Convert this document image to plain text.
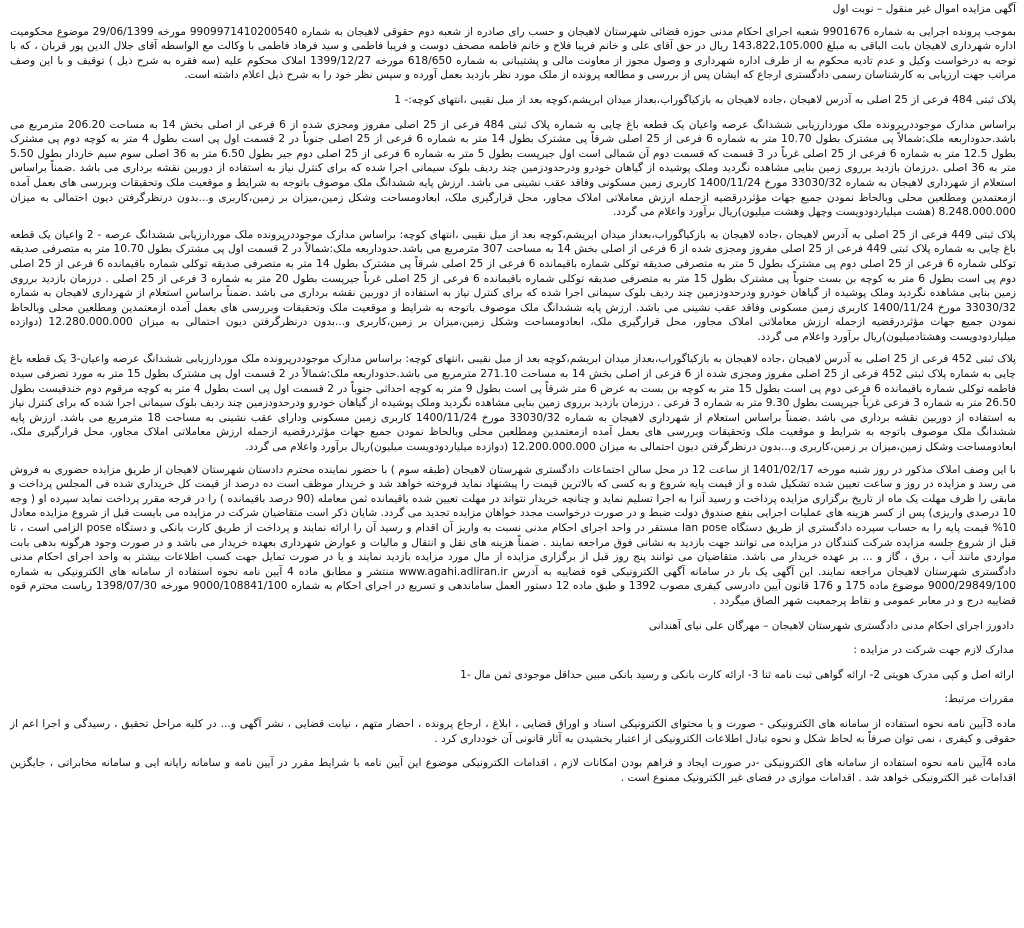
آگهی مزایده اموال غیر منقول – نوبت اول

بموجب پرونده اجرایی به شماره 9901676 شعبه اجرای احکام مدنی حوزه قضائی شهرستان لاهیجان و حسب رای صادره از شعبه دوم حقوقی لاهیجان به شماره 9909971410200540 مورخه 29/06/1399 موضوع محکومیت اداره شهرداری لاهیجان بابت الباقی به مبلغ 143،822،105،000 ریال در حق آقای علی و خانم فریبا فلاح و خانم فاطمه مصحف دوست و فریبا فاطمی و سید فرهاد فاطمی با وکالت مع الواسطه آقای جلال الدین پور قربان ، که با توجه به درخواست وکیل و عدم تادیه محکوم به از طرف اداره شهرداری و وصول مجوز از معاونت مالی و پشتیبانی به شماره 618/650 مورخه 1399/12/27 املاک محکوم علیه (سه فقره به شرح ذیل ) توقیف و با این وصف مراتب جهت ارزیابی به کارشناسان رسمی دادگستری ارجاع که ایشان پس از بررسی و مطالعه پرونده از ملک مورد نظر بازدید بعمل آورده و سپس نظر خود را به شرح ذیل اعلام داشته است.

پلاک ثبتی 484 فرعی از 25 اصلی به آدرس لاهیجان ،جاده لاهیجان به بازکیاگوراب،بعداز میدان ابریشم،کوچه بعد از مبل نقیبی ،انتهای کوچه:- 1

براساس مدارک موجوددرپرونده ملک موردارزیابی ششدانگ عرصه واعیان یک قطعه باغ چایی به شماره پلاک ثبتی 484 فرعی از 25 اصلی مفروز ومجزی شده از 6 فرعی از اصلی بخش 14 به مساحت 206.20 مترمربع می باشد.حدوداربعه ملک:شمالاً پی مشترک بطول 10.70 متر به شماره 6 فرعی از 25 اصلی شرقاً پی مشترک بطول 14 متر به شماره 6 فرعی از 25 اصلی جنوباً در 2 قسمت اول پی است بطول 4 متر به کوچه دوم پی مشترک بطول 12.5 متر به شماره 6 فرعی از 25 اصلی غرباً در 3 قسمت که قسمت دوم آن شمالی است اول جیرپست بطول 5 متر به شماره 6 فرعی از 25 اصلی دوم جیر بطول 6.50 متر به 36 اصلی سوم سیم خاردار بطول 5.50 متر به 36 اصلی .درزمان بازدید برروی زمین بنایی مشاهده نگردید وملک پوشیده از گیاهان خودرو ودرحدودزمین چند ردیف بلوک سیمانی اجرا شده که برای کنترل نیاز به استفاده از دوربین نقشه برداری می باشد .ضمناً براساس استعلام از شهرداری لاهیجان به شماره 33030/32 مورخ 1400/11/24 کاربری زمین مسکونی وفاقد عقب نشینی می باشد. ارزش پایه ششدانگ ملک موصوف باتوجه به شرایط و موقعیت ملک وتحقیقات وبررسی های بعمل آمده ازمعتمدین ومطلعین محلی وبالحاظ نمودن جمیع جهات مؤثردرقضیه ازجمله ارزش معاملاتی املاک مجاور، محل قرارگیری ملک، ابعادومساحت وشکل زمین،میزان بر زمین،کاربری و...بدون درنظرگرفتن دیون احتمالی به میزان 8.248.000.000 (هشت میلیاردودویست وچهل وهشت میلیون)ریال برآورد واعلام می گردد.

پلاک ثبتی 449 فرعی از 25 اصلی به آدرس لاهیجان ،جاده لاهیجان به بازکیاگوراب،بعداز میدان ابریشم،کوچه بعد از مبل نقیبی ،انتهای کوچه: براساس مدارک موجوددرپرونده ملک موردارزیابی ششدانگ عرصه - 2 واعیان یک قطعه باغ چایی به شماره پلاک ثبتی 449 فرعی از 25 اصلی مفروز ومجزی شده از 6 فرعی از اصلی بخش 14 به مساحت 307 مترمربع می باشد.حدوداربعه ملک:شمالاً در 2 قسمت اول پی مشترک بطول 10.70 متر به متصرفی صدیقه توکلی شماره 6 فرعی از 25 اصلی دوم پی مشترک بطول 5 متر به متصرفی صدیقه توکلی شماره باقیمانده 6 فرعی از 25 اصلی شرقاً پی مشترک بطول 14 متر به متصرفی صدیقه توکلی شماره باقیمانده 6 فرعی از 25 اصلی دوم پی است بطول 6 متر به کوچه بن بست جنوباً پی مشترک بطول 15 متر به متصرفی صدیقه توکلی شماره باقیمانده 6 فرعی از 25 اصلی غرباً جیرپست بطول 20 متر به شماره 3 فرعی از 25 اصلی . درزمان بازدید برروی زمین بنایی مشاهده نگردید وملک پوشیده از گیاهان خودرو ودرحدودزمین چند ردیف بلوک سیمانی اجرا شده که برای کنترل نیاز به استفاده از دوربین نقشه برداری می باشد .ضمناً براساس استعلام از شهرداری لاهیجان به شماره 33030/32 مورخ 1400/11/24 کاربری زمین مسکونی وفاقد عقب نشینی می باشد. ارزش پایه ششدانگ ملک موصوف باتوجه به شرایط و موقعیت ملک وتحقیقات وبررسی های بعمل آمده ازمعتمدین ومطلعین محلی وبالحاظ نمودن جمیع جهات مؤثردرقضیه ازجمله ارزش معاملاتی املاک مجاور، محل قرارگیری ملک، ابعادومساحت وشکل زمین،میزان بر زمین،کاربری و...بدون درنظرگرفتن دیون احتمالی به میزان 12.280.000.000 (دوازده میلیاردودویست وهشتادمیلیون)ریال برآورد واعلام می گردد.

پلاک ثبتی 452 فرعی از 25 اصلی به آدرس لاهیجان ،جاده لاهیجان به بازکیاگوراب،بعداز میدان ابریشم،کوچه بعد از مبل نقیبی ،انتهای کوچه: براساس مدارک موجوددرپرونده ملک موردارزیابی ششدانگ عرصه واعیان-3 یک قطعه باغ چایی به شماره پلاک ثبتی 452 فرعی از 25 اصلی مفروز ومجزی شده از 6 فرعی از اصلی بخش 14 به مساحت 271.10 مترمربع می باشد.حدوداربعه ملک:شمالاً در 2 قسمت اول پی مشترک بطول 15 متر به مورد تصرفی سیده فاطمه توکلی شماره باقیمانده 6 فرعی دوم پی است بطول 15 متر به کوچه بن بست به عرض 6 متر شرقاً پی است بطول 9 متر به کوچه احداثی جنوباً در 2 قسمت اول پی است بطول 4 متر به کوچه مرقوم دوم خندقیست بطول 26.50 متر به شماره 3 فرعی غرباً جیرپست بطول 9.30 متر به شماره 3 فرعی . درزمان بازدید برروی زمین بنایی مشاهده نگردید وملک پوشیده از گیاهان خودرو ودرحدودزمین چند ردیف بلوک سیمانی اجرا شده که برای کنترل نیاز به استفاده از دوربین نقشه برداری می باشد .ضمناً براساس استعلام از شهرداری لاهیجان به شماره 33030/32 مورخ 1400/11/24 کاربری زمین مسکونی ودارای عقب نشینی به مساحت 18 مترمربع می باشد. ارزش پایه ششدانگ ملک موصوف باتوجه به شرایط و موقعیت ملک وتحقیقات وبررسی های بعمل آمده ازمعتمدین ومطلعین محلی وبالحاظ نمودن جمیع جهات مؤثردرقضیه ازجمله ارزش معاملاتی املاک مجاور، محل قرارگیری ملک، ابعادومساحت وشکل زمین،میزان بر زمین،کاربری و...بدون درنظرگرفتن دیون احتمالی به میزان 12.200.000.000 (دوازده میلیاردودویست میلیون)ریال برآورد واعلام می گردد.

با این وصف املاک مذکور در روز شنبه مورخه 1401/02/17 از ساعت 12 در محل سالن اجتماعات دادگستری شهرستان لاهیجان (طبقه سوم ) با حضور نماینده محترم دادستان شهرستان لاهیجان از طریق مزایده حضوری به فروش می رسد و مزایده در روز و ساعت تعیین شده تشکیل شده و از قیمت پایه شروع و به کسی که بالاترین قیمت را پیشنهاد نماید فروخته خواهد شد و خریدار موظف است ده درصد از قیمت کل خریداری شده فی المجلس پرداخت و مابقی را ظرف مهلت یک ماه از تاریخ برگزاری مزایده پرداخت و رسید آنرا به اجرا تسلیم نماید و چنانچه خریدار نتواند در مهلت تعیین شده باقیمانده ثمن معامله (90 درصد باقیمانده ) را در فرجه مقرر پرداخت نماید سپرده او ( وجه 10 درصدی واریزی) پس از کسر هزینه های عملیات اجرایی بنفع صندوق دولت ضبط و در صورت درخواست مجدد خواهان مزایده تجدید می گردد. شایان ذکر است متقاضیان شرکت در مزایده می بایست قبل از شروع مزایده معادل 10% قیمت پایه را به حساب سپرده دادگستری از طریق دستگاه lan pose مستقر در واحد اجرای احکام مدنی نسبت به واریز آن اقدام و رسید آن را ارائه نمایند و پرداخت از طریق کارت بانکی و دستگاه pose الزامی است ، تا قبل از شروع جلسه مزایده شرکت کنندگان در مزایده می توانند جهت بازدید به نشانی فوق مراجعه نمایند . ضمناً هزینه های نقل و انتقال و مالیات و عوارض شهرداری بعهده خریدار می باشد و در صورت وجود هرگونه بدهی بابت مواردی مانند آب ، برق ، گاز و ... بر عهده خریدار می باشد. متقاضیان می توانند پنج روز قبل از برگزاری مزایده از مال مورد مزایده بازدید نمایند و یا در صورت تمایل جهت کسب اطلاعات بیشتر به واحد اجرای احکام مدنی دادگستری شهرستان لاهیجان مراجعه نمایند. این آگهی یک بار در سامانه آگهی الکترونیکی قوه قضاییه به آدرس www.agahi.adliran.ir منتشر و مطابق ماده 4 آیین نامه نحوه استفاده از سامانه های الکترونیکی به شماره 9000/29849/100 موضوع ماده 175 و 176 قانون آیین دادرسی کیفری مصوب 1392 و طبق ماده 12 دستور العمل ساماندهی و تسریع در اجرای احکام به شماره 9000/108841/100 مورخه 1398/07/30 ریاست محترم قوه قضاییه درج و در معابر عمومی و نقاط پرجمعیت شهر الصاق میگردد .

دادورز اجرای احکام مدنی دادگستری شهرستان لاهیجان – مهرگان علی نیای آهندانی

مدارک لازم جهت شرکت در مزایده :

ارائه اصل و کپی مدرک هویتی 2- ارائه گواهی ثبت نامه ثنا 3- ارائه کارت بانکی و رسید بانکی مبین حداقل موجودی ثمن مال -1

مقررات مرتبط:

ماده 3آیین نامه نحوه استفاده از سامانه های الکترونیکی - صورت و یا محتوای الکترونیکی اسناد و اوراق قضایی ، ابلاغ ، ارجاع پرونده ، احضار متهم ، نیابت قضایی ، نشر آگهی و... در کلیه مراحل تحقیق ، رسیدگی و اجرا اعم از حقوقی و کیفری ، نمی توان صرفاً به لحاظ شکل و نحوه تبادل اطلاعات الکترونیکی از اعتبار بخشیدن به آثار قانونی آن خودداری کرد .

ماده 4آیین نامه نحوه استفاده از سامانه های الکترونیکی -در صورت ایجاد و فراهم بودن امکانات لازم ، اقدامات الکترونیکی موضوع این آیین نامه با شرایط مقرر در آیین نامه و سامانه رایانه ایی و سامانه مخابراتی ، جایگزین اقدامات غیر الکترونیکی خواهد شد . اقدامات موازی در فضای غیر الکترونیک ممنوع است .
